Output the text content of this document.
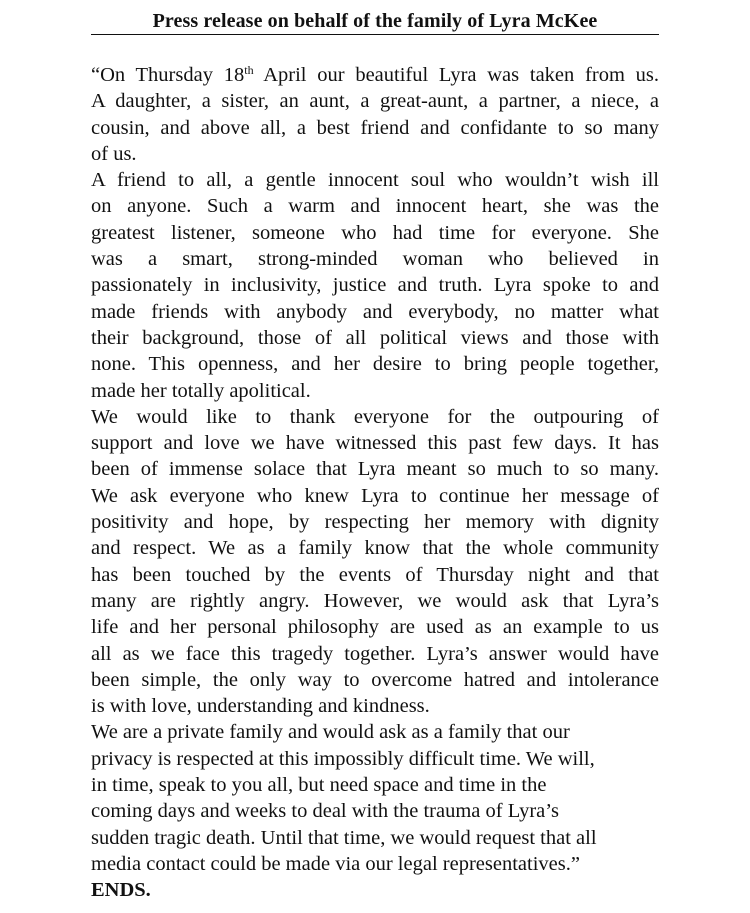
Press release on behalf of the family of Lyra McKee
“On Thursday 18th April our beautiful Lyra was taken from us.
A daughter, a sister, an aunt, a great-aunt, a partner, a niece, a
cousin, and above all, a best friend and confidante to so many
of us.
A friend to all, a gentle innocent soul who wouldn’t wish ill
on anyone. Such a warm and innocent heart, she was the
greatest listener, someone who had time for everyone. She
was a smart, strong-minded woman who believed in
passionately in inclusivity, justice and truth. Lyra spoke to and
made friends with anybody and everybody, no matter what
their background, those of all political views and those with
none. This openness, and her desire to bring people together,
made her totally apolitical.
We would like to thank everyone for the outpouring of
support and love we have witnessed this past few days. It has
been of immense solace that Lyra meant so much to so many.
We ask everyone who knew Lyra to continue her message of
positivity and hope, by respecting her memory with dignity
and respect. We as a family know that the whole community
has been touched by the events of Thursday night and that
many are rightly angry. However, we would ask that Lyra’s
life and her personal philosophy are used as an example to us
all as we face this tragedy together. Lyra’s answer would have
been simple, the only way to overcome hatred and intolerance
is with love, understanding and kindness.
We are a private family and would ask as a family that our
privacy is respected at this impossibly difficult time. We will,
in time, speak to you all, but need space and time in the
coming days and weeks to deal with the trauma of Lyra’s
sudden tragic death. Until that time, we would request that all
media contact could be made via our legal representatives.”

ENDS.
